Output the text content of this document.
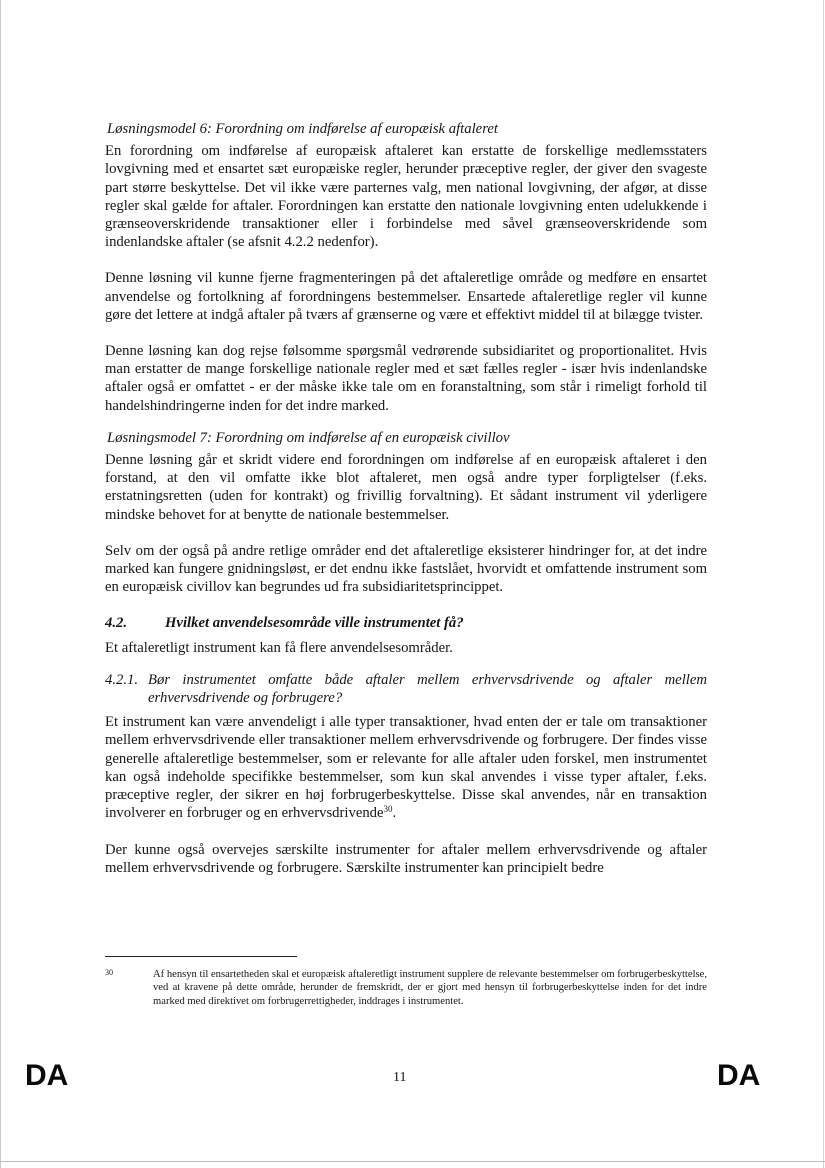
Løsningsmodel 6: Forordning om indførelse af europæisk aftaleret

En forordning om indførelse af europæisk aftaleret kan erstatte de forskellige medlemsstaters lovgivning med et ensartet sæt europæiske regler, herunder præceptive regler, der giver den svageste part større beskyttelse. Det vil ikke være parternes valg, men national lovgivning, der afgør, at disse regler skal gælde for aftaler. Forordningen kan erstatte den nationale lovgivning enten udelukkende i grænseoverskridende transaktioner eller i forbindelse med såvel grænseoverskridende som indenlandske aftaler (se afsnit 4.2.2 nedenfor).

Denne løsning vil kunne fjerne fragmenteringen på det aftaleretlige område og medføre en ensartet anvendelse og fortolkning af forordningens bestemmelser. Ensartede aftaleretlige regler vil kunne gøre det lettere at indgå aftaler på tværs af grænserne og være et effektivt middel til at bilægge tvister.

Denne løsning kan dog rejse følsomme spørgsmål vedrørende subsidiaritet og proportionalitet. Hvis man erstatter de mange forskellige nationale regler med et sæt fælles regler - især hvis indenlandske aftaler også er omfattet - er der måske ikke tale om en foranstaltning, som står i rimeligt forhold til handelshindringerne inden for det indre marked.

Løsningsmodel 7: Forordning om indførelse af en europæisk civillov

Denne løsning går et skridt videre end forordningen om indførelse af en europæisk aftaleret i den forstand, at den vil omfatte ikke blot aftaleret, men også andre typer forpligtelser (f.eks. erstatningsretten (uden for kontrakt) og frivillig forvaltning). Et sådant instrument vil yderligere mindske behovet for at benytte de nationale bestemmelser.

Selv om der også på andre retlige områder end det aftaleretlige eksisterer hindringer for, at det indre marked kan fungere gnidningsløst, er det endnu ikke fastslået, hvorvidt et omfattende instrument som en europæisk civillov kan begrundes ud fra subsidiaritetsprincippet.

4.2.	Hvilket anvendelsesområde ville instrumentet få?

Et aftaleretligt instrument kan få flere anvendelsesområder.

4.2.1. Bør instrumentet omfatte både aftaler mellem erhvervsdrivende og aftaler mellem erhvervsdrivende og forbrugere?

Et instrument kan være anvendeligt i alle typer transaktioner, hvad enten der er tale om transaktioner mellem erhvervsdrivende eller transaktioner mellem erhvervsdrivende og forbrugere. Der findes visse generelle aftaleretlige bestemmelser, som er relevante for alle aftaler uden forskel, men instrumentet kan også indeholde specifikke bestemmelser, som kun skal anvendes i visse typer aftaler, f.eks. præceptive regler, der sikrer en høj forbrugerbeskyttelse. Disse skal anvendes, når en transaktion involverer en forbruger og en erhvervsdrivende$^{30}$.

Der kunne også overvejes særskilte instrumenter for aftaler mellem erhvervsdrivende og aftaler mellem erhvervsdrivende og forbrugere. Særskilte instrumenter kan principielt bedre

30	Af hensyn til ensartetheden skal et europæisk aftaleretligt instrument supplere de relevante bestemmelser om forbrugerbeskyttelse, ved at kravene på dette område, herunder de fremskridt, der er gjort med hensyn til forbrugerbeskyttelse inden for det indre marked med direktivet om forbrugerrettigheder, inddrages i instrumentet.
DA	11	DA
